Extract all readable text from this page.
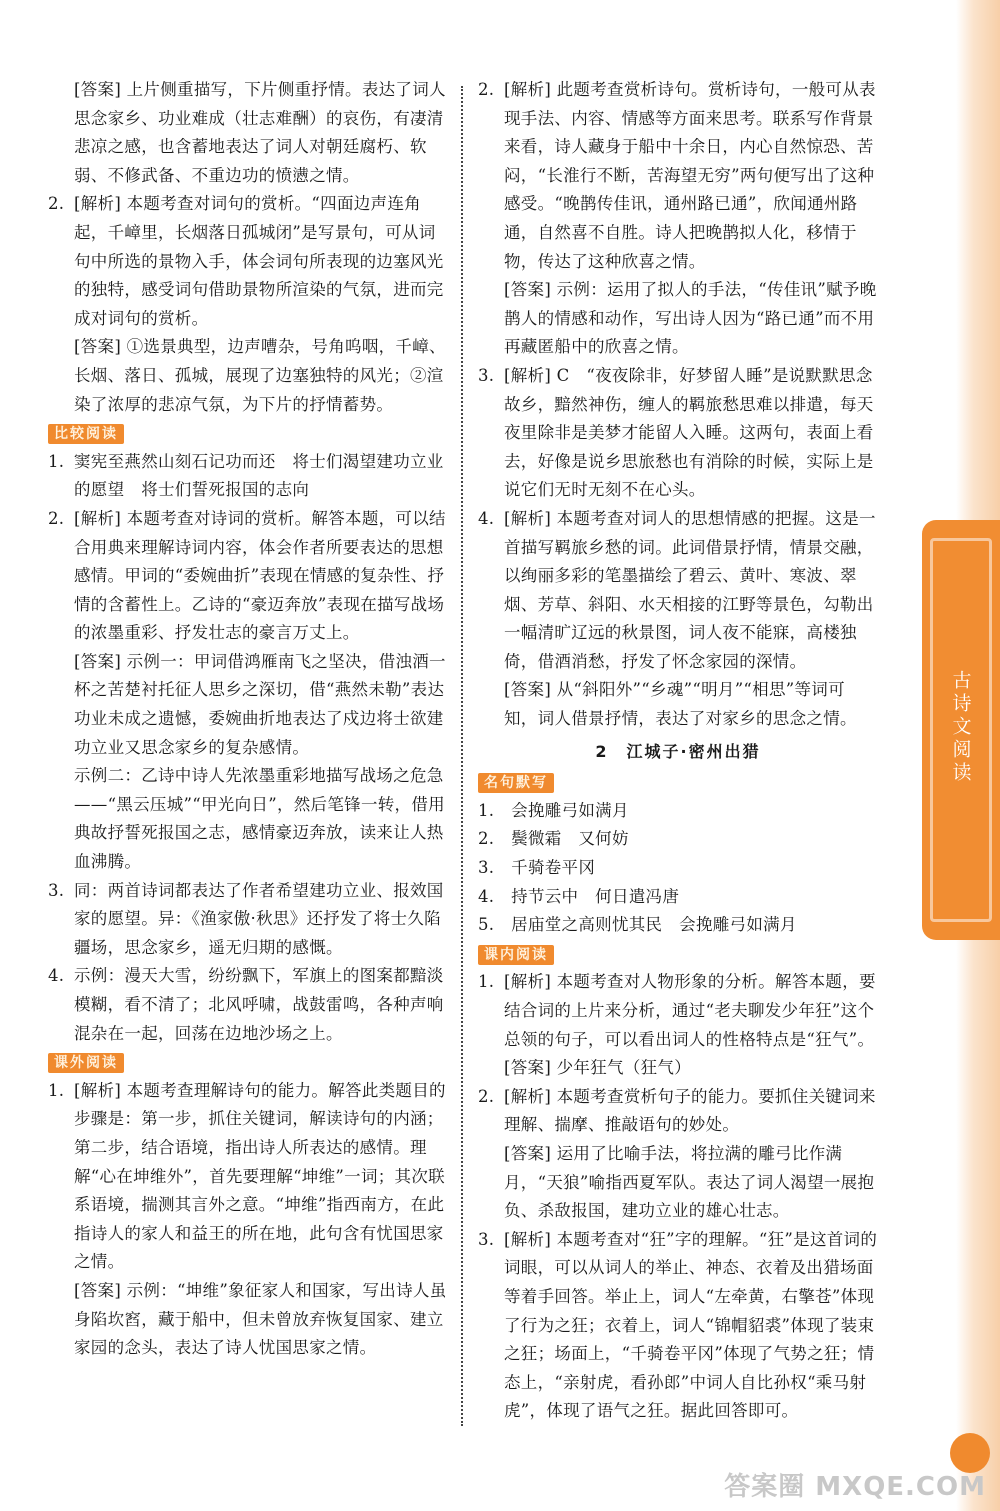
[答案] 上片侧重描写，下片侧重抒情。表达了词人思念家乡、功业难成（壮志难酬）的哀伤，有凄清悲凉之感，也含蓄地表达了词人对朝廷腐朽、软弱、不修武备、不重边功的愤懑之情。

2. [解析] 本题考查对词句的赏析。“四面边声连角起，千嶂里，长烟落日孤城闭”是写景句，可从词句中所选的景物入手，体会词句所表现的边塞风光的独特，感受词句借助景物所渲染的气氛，进而完成对词句的赏析。

[答案] ①选景典型，边声嘈杂，号角呜咽，千嶂、长烟、落日、孤城，展现了边塞独特的风光；②渲染了浓厚的悲凉气氛，为下片的抒情蓄势。

比较阅读
1. 窦宪至燕然山刻石记功而还　将士们渴望建功立业的愿望　将士们誓死报国的志向

2. [解析] 本题考查对诗词的赏析。解答本题，可以结合用典来理解诗词内容，体会作者所要表达的思想感情。甲词的“委婉曲折”表现在情感的复杂性、抒情的含蓄性上。乙诗的“豪迈奔放”表现在描写战场的浓墨重彩、抒发壮志的豪言万丈上。

[答案] 示例一：甲词借鸿雁南飞之坚决，借浊酒一杯之苦楚衬托征人思乡之深切，借“燕然未勒”表达功业未成之遗憾，委婉曲折地表达了戍边将士欲建功立业又思念家乡的复杂感情。

示例二：乙诗中诗人先浓墨重彩地描写战场之危急——“黑云压城”“甲光向日”，然后笔锋一转，借用典故抒誓死报国之志，感情豪迈奔放，读来让人热血沸腾。

3. 同：两首诗词都表达了作者希望建功立业、报效国家的愿望。异：《渔家傲·秋思》还抒发了将士久陷疆场，思念家乡，遥无归期的感慨。

4. 示例：漫天大雪，纷纷飘下，军旗上的图案都黯淡模糊，看不清了；北风呼啸，战鼓雷鸣，各种声响混杂在一起，回荡在边地沙场之上。

课外阅读
1. [解析] 本题考查理解诗句的能力。解答此类题目的步骤是：第一步，抓住关键词，解读诗句的内涵；第二步，结合语境，指出诗人所表达的感情。理解“心在坤维外”，首先要理解“坤维”一词；其次联系语境，揣测其言外之意。“坤维”指西南方，在此指诗人的家人和益王的所在地，此句含有忧国思家之情。

[答案] 示例：“坤维”象征家人和国家，写出诗人虽身陷坎窞，藏于船中，但未曾放弃恢复国家、建立家园的念头，表达了诗人忧国思家之情。

2. [解析] 此题考查赏析诗句。赏析诗句，一般可从表现手法、内容、情感等方面来思考。联系写作背景来看，诗人藏身于船中十余日，内心自然惊恐、苦闷，“长淮行不断，苦海望无穷”两句便写出了这种感受。“晚鹊传佳讯，通州路已通”，欣闻通州路通，自然喜不自胜。诗人把晚鹊拟人化，移情于物，传达了这种欣喜之情。

[答案] 示例：运用了拟人的手法，“传佳讯”赋予晚鹊人的情感和动作，写出诗人因为“路已通”而不用再藏匿船中的欣喜之情。

3. [解析] C　“夜夜除非，好梦留人睡”是说默默思念故乡，黯然神伤，缠人的羁旅愁思难以排遣，每天夜里除非是美梦才能留人入睡。这两句，表面上看去，好像是说乡思旅愁也有消除的时候，实际上是说它们无时无刻不在心头。

4. [解析] 本题考查对词人的思想情感的把握。这是一首描写羁旅乡愁的词。此词借景抒情，情景交融，以绚丽多彩的笔墨描绘了碧云、黄叶、寒波、翠烟、芳草、斜阳、水天相接的江野等景色，勾勒出一幅清旷辽远的秋景图，词人夜不能寐，高楼独倚，借酒消愁，抒发了怀念家园的深情。

[答案] 从“斜阳外”“乡魂”“明月”“相思”等词可知，词人借景抒情，表达了对家乡的思念之情。

2　江城子·密州出猎
名句默写

1.　会挽雕弓如满月

2.　鬓微霜　又何妨

3.　千骑卷平冈

4.　持节云中　何日遣冯唐

5.　居庙堂之高则忧其民　会挽雕弓如满月

课内阅读
1. [解析] 本题考查对人物形象的分析。解答本题，要结合词的上片来分析，通过“老夫聊发少年狂”这个总领的句子，可以看出词人的性格特点是“狂气”。

[答案] 少年狂气（狂气）

2. [解析] 本题考查赏析句子的能力。要抓住关键词来理解、揣摩、推敲语句的妙处。

[答案] 运用了比喻手法，将拉满的雕弓比作满月，“天狼”喻指西夏军队。表达了词人渴望一展抱负、杀敌报国，建功立业的雄心壮志。

3. [解析] 本题考查对“狂”字的理解。“狂”是这首词的词眼，可以从词人的举止、神态、衣着及出猎场面等着手回答。举止上，词人“左牵黄，右擎苍”体现了行为之狂；衣着上，词人“锦帽貂裘”体现了装束之狂；场面上，“千骑卷平冈”体现了气势之狂；情态上，“亲射虎，看孙郎”中词人自比孙权“乘马射虎”，体现了语气之狂。据此回答即可。

古诗文阅读
答案圈 MXQE.COM
